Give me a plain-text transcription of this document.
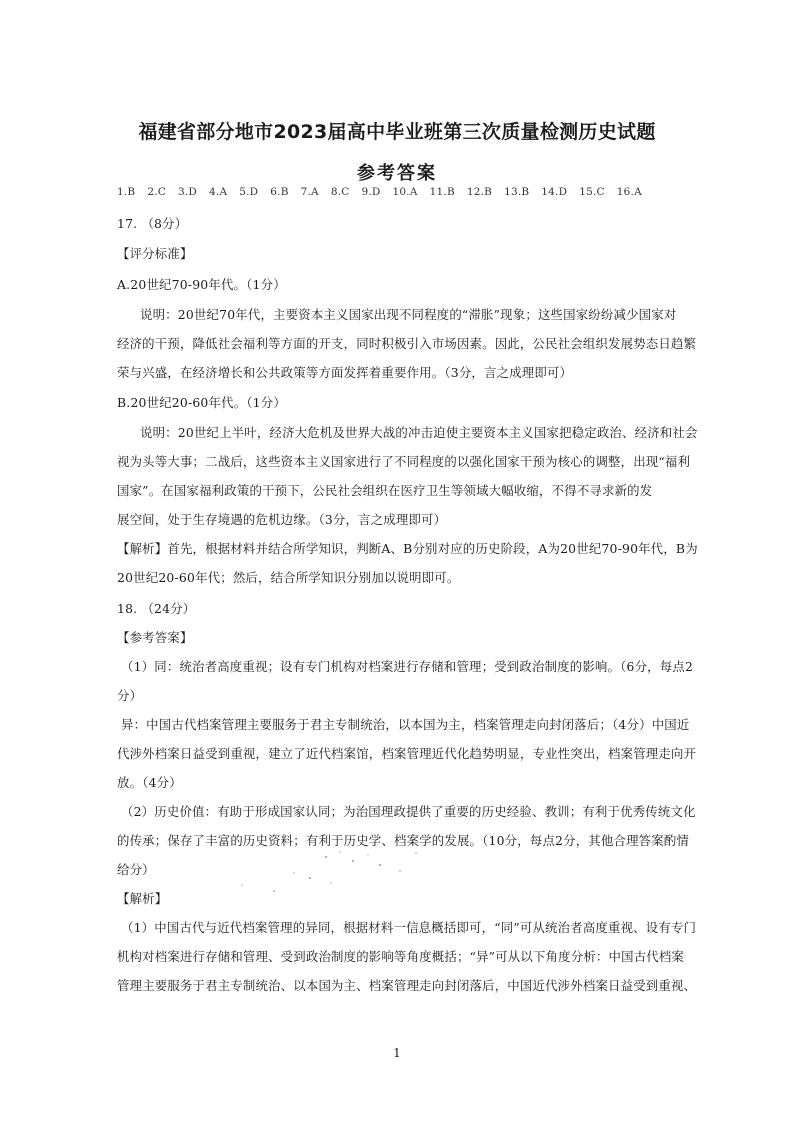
福建省部分地市2023届高中毕业班第三次质量检测历史试题
参考答案
1.B 2.C 3.D 4.A 5.D 6.B 7.A 8.C 9.D 10.A 11.B 12.B 13.B 14.D 15.C 16.A
17. （8分）
【评分标准】
A.20世纪70-90年代。（1分）
说明：20世纪70年代，主要资本主义国家出现不同程度的“滞胀”现象；这些国家纷纷减少国家对
经济的干预，降低社会福利等方面的开支，同时积极引入市场因素。因此，公民社会组织发展势态日趋繁
荣与兴盛，在经济增长和公共政策等方面发挥着重要作用。（3分，言之成理即可）
B.20世纪20-60年代。（1分）
说明：20世纪上半叶，经济大危机及世界大战的冲击迫使主要资本主义国家把稳定政治、经济和社会
视为头等大事；二战后，这些资本主义国家进行了不同程度的以强化国家干预为核心的调整，出现“福利
国家”。在国家福利政策的干预下，公民社会组织在医疗卫生等领域大幅收缩，不得不寻求新的发
展空间，处于生存境遇的危机边缘。（3分，言之成理即可）
【解析】首先，根据材料并结合所学知识，判断A、B分别对应的历史阶段，A为20世纪70-90年代，B为
20世纪20-60年代；然后，结合所学知识分别加以说明即可。
18. （24分）
【参考答案】
（1）同：统治者高度重视；设有专门机构对档案进行存储和管理；受到政治制度的影响。（6分，每点2
分）
异：中国古代档案管理主要服务于君主专制统治，以本国为主，档案管理走向封闭落后；（4分）中国近
代涉外档案日益受到重视，建立了近代档案馆，档案管理近代化趋势明显，专业性突出，档案管理走向开
放。（4分）
（2）历史价值：有助于形成国家认同；为治国理政提供了重要的历史经验、教训；有利于优秀传统文化
的传承；保存了丰富的历史资料；有利于历史学、档案学的发展。（10分，每点2分，其他合理答案酌情
给分）
【解析】
（1）中国古代与近代档案管理的异同，根据材料一信息概括即可，“同”可从统治者高度重视、设有专门
机构对档案进行存储和管理、受到政治制度的影响等角度概括；“异”可从以下角度分析：中国古代档案
管理主要服务于君主专制统治、以本国为主、档案管理走向封闭落后，中国近代涉外档案日益受到重视、
1
